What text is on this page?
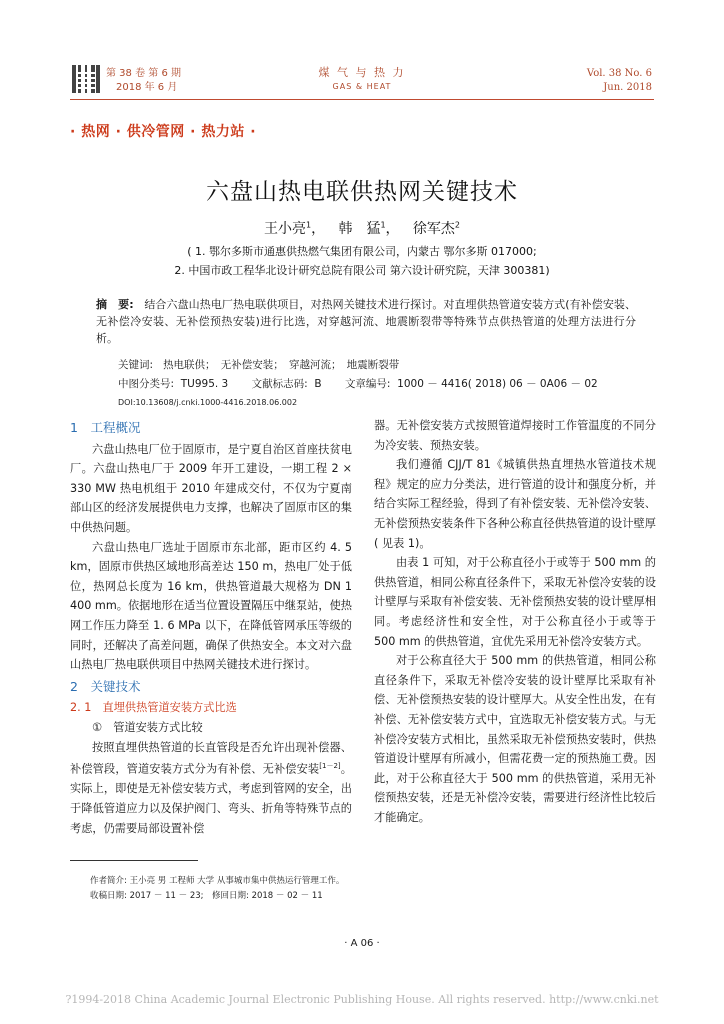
第 38 卷 第 6 期
2018 年 6 月
煤 气 与 热 力
GAS & HEAT
Vol. 38 No. 6
Jun. 2018
· 热网 · 供冷管网 · 热力站 ·
六盘山热电联供热网关键技术
王小亮$^1$，   韩　猛$^1$，   徐军杰$^2$
( 1. 鄂尔多斯市通惠供热燃气集团有限公司，内蒙古 鄂尔多斯 017000;
2. 中国市政工程华北设计研究总院有限公司 第六设计研究院，天津 300381)
摘　要: 结合六盘山热电厂热电联供项目，对热网关键技术进行探讨。对直埋供热管道安装方式(有补偿安装、无补偿冷安装、无补偿预热安装)进行比选，对穿越河流、地震断裂带等特殊节点供热管道的处理方法进行分析。
关键词: 热电联供；　无补偿安装；　穿越河流；　地震断裂带
中图分类号: TU995. 3 文献标志码: B 文章编号: 1000 － 4416( 2018) 06 － 0A06 － 02
DOI:10.13608/j.cnki.1000-4416.2018.06.002

1　工程概况

六盘山热电厂位于固原市，是宁夏自治区首座扶贫电厂。六盘山热电厂于 2009 年开工建设，一期工程 2 × 330 MW 热电机组于 2010 年建成交付，不仅为宁夏南部山区的经济发展提供电力支撑，也解决了固原市区的集中供热问题。

六盘山热电厂选址于固原市东北部，距市区约 4. 5 km，固原市供热区域地形高差达 150 m，热电厂处于低位，热网总长度为 16 km，供热管道最大规格为 DN 1 400 mm。依据地形在适当位置设置隔压中继泵站，使热网工作压力降至 1. 6 MPa 以下，在降低管网承压等级的同时，还解决了高差问题，确保了供热安全。本文对六盘山热电厂热电联供项目中热网关键技术进行探讨。

2　关键技术

2. 1　直埋供热管道安装方式比选

①　管道安装方式比较

按照直埋供热管道的长直管段是否允许出现补偿器、补偿管段，管道安装方式分为有补偿、无补偿安装[1－2]。实际上，即使是无补偿安装方式，考虑到管网的安全，出于降低管道应力以及保护阀门、弯头、折角等特殊节点的考虑，仍需要局部设置补偿

器。无补偿安装方式按照管道焊接时工作管温度的不同分为冷安装、预热安装。

我们遵循 CJJ/T 81《城镇供热直埋热水管道技术规程》规定的应力分类法，进行管道的设计和强度分析，并结合实际工程经验，得到了有补偿安装、无补偿冷安装、无补偿预热安装条件下各种公称直径供热管道的设计壁厚( 见表 1)。

由表 1 可知，对于公称直径小于或等于 500 mm 的供热管道，相同公称直径条件下，采取无补偿冷安装的设计壁厚与采取有补偿安装、无补偿预热安装的设计壁厚相同。考虑经济性和安全性，对于公称直径小于或等于 500 mm 的供热管道，宜优先采用无补偿冷安装方式。

对于公称直径大于 500 mm 的供热管道，相同公称直径条件下，采取无补偿冷安装的设计壁厚比采取有补偿、无补偿预热安装的设计壁厚大。从安全性出发，在有补偿、无补偿安装方式中，宜选取无补偿安装方式。与无补偿冷安装方式相比，虽然采取无补偿预热安装时，供热管道设计壁厚有所减小，但需花费一定的预热施工费。因此，对于公称直径大于 500 mm 的供热管道，采用无补偿预热安装，还是无补偿冷安装，需要进行经济性比较后才能确定。

作者简介: 王小亮 男 工程师 大学 从事城市集中供热运行管理工作。
收稿日期: 2017 － 11 － 23;　修回日期: 2018 － 02 － 11
· A 06 ·
?1994-2018 China Academic Journal Electronic Publishing House. All rights reserved. http://www.cnki.net
